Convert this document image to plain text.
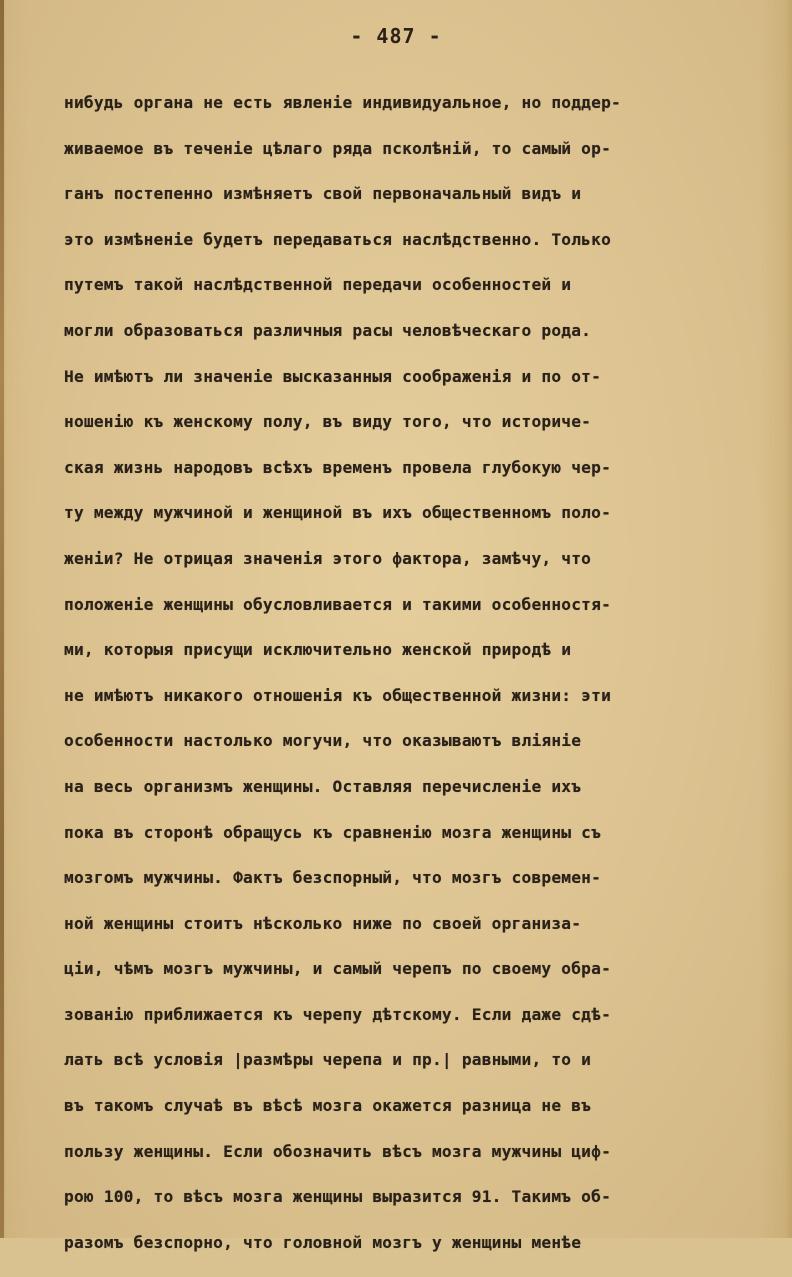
- 487 -
нибудь органа не есть явленіе индивидуальное, но поддер-
живаемое въ теченіе цѣлаго ряда псколѣній, то самый ор-
ганъ постепенно измѣняетъ свой первоначальный видъ и
это измѣненіе будетъ передаваться наслѣдственно. Только
путемъ такой наслѣдственной передачи особенностей и
могли образоваться различныя расы человѣческаго рода.
Не имѣютъ ли значеніе высказанныя соображенія и по от-
ношенію къ женскому полу, въ виду того, что историче-
ская жизнь народовъ всѣхъ временъ провела глубокую чер-
ту между мужчиной и женщиной въ ихъ общественномъ поло-
женіи? Не отрицая значенія этого фактора, замѣчу, что
положеніе женщины обусловливается и такими особенностя-
ми, которыя присущи исключительно женской природѣ и
не имѣютъ никакого отношенія къ общественной жизни: эти
особенности настолько могучи, что оказываютъ вліяніе
на весь организмъ женщины. Оставляя перечисленіе ихъ
пока въ сторонѣ обращусь къ сравненію мозга женщины съ
мозгомъ мужчины. Фактъ безспорный, что мозгъ современ-
ной женщины стоитъ нѣсколько ниже по своей организа-
ціи, чѣмъ мозгъ мужчины, и самый черепъ по своему обра-
зованію приближается къ черепу дѣтскому. Если даже сдѣ-
лать всѣ условія |размѣры черепа и пр.| равными, то и
въ такомъ случаѣ въ вѣсѣ мозга окажется разница не въ
пользу женщины. Если обозначить вѣсъ мозга мужчины циф-
рою 100, то вѣсъ мозга женщины выразится 91. Такимъ об-
разомъ безспорно, что головной мозгъ у женщины менѣе
